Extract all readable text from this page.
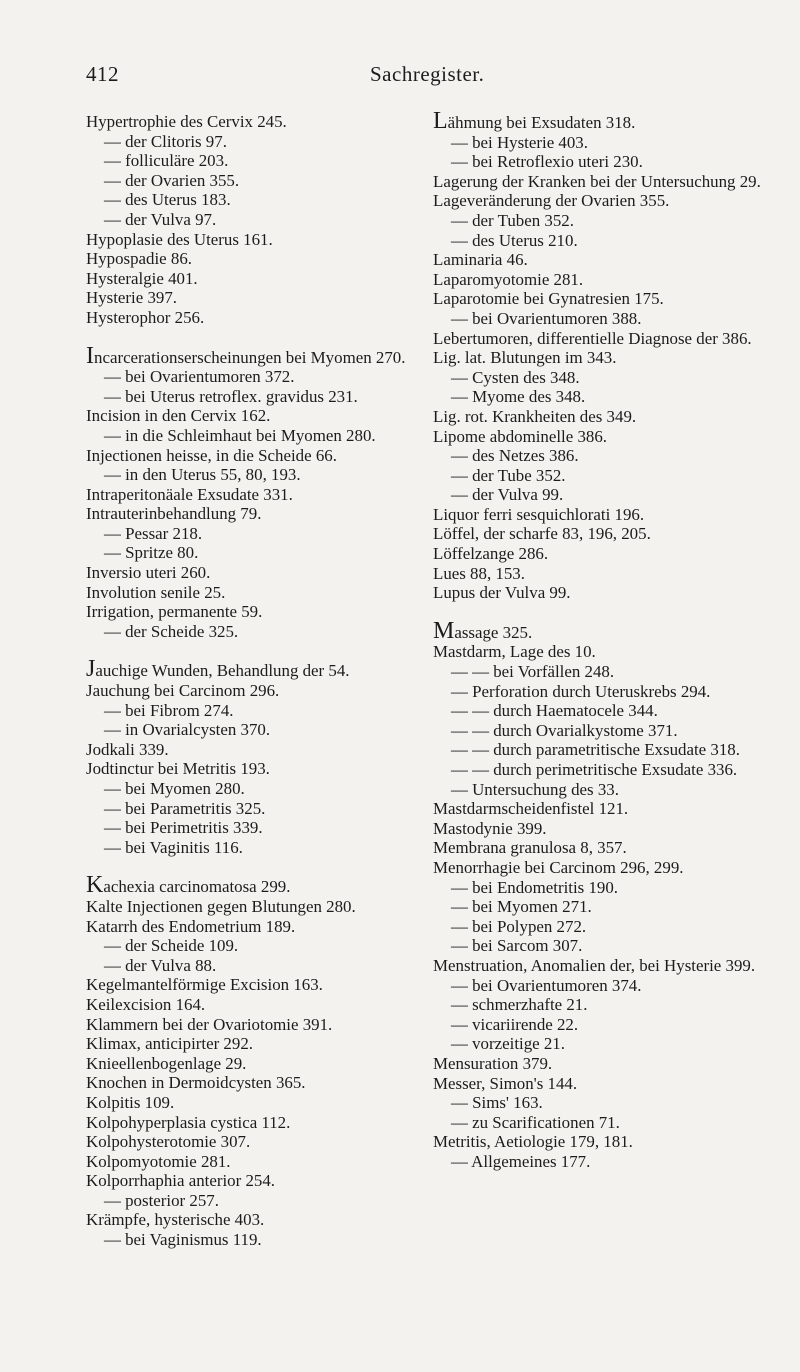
412	Sachregister.

Hypertrophie des Cervix 245.

— der Clitoris 97.

— folliculäre 203.

— der Ovarien 355.

— des Uterus 183.

— der Vulva 97.

Hypoplasie des Uterus 161.

Hypospadie 86.

Hysteralgie 401.

Hysterie 397.

Hysterophor 256.

Incarcerationserscheinungen bei Myomen 270.

— bei Ovarientumoren 372.

— bei Uterus retroflex. gravidus 231.

Incision in den Cervix 162.

— in die Schleimhaut bei Myomen 280.

Injectionen heisse, in die Scheide 66.

— in den Uterus 55, 80, 193.

Intraperitonäale Exsudate 331.

Intrauterinbehandlung 79.

— Pessar 218.

— Spritze 80.

Inversio uteri 260.

Involution senile 25.

Irrigation, permanente 59.

— der Scheide 325.

Jauchige Wunden, Behandlung der 54.

Jauchung bei Carcinom 296.

— bei Fibrom 274.

— in Ovarialcysten 370.

Jodkali 339.

Jodtinctur bei Metritis 193.

— bei Myomen 280.

— bei Parametritis 325.

— bei Perimetritis 339.

— bei Vaginitis 116.

Kachexia carcinomatosa 299.

Kalte Injectionen gegen Blutungen 280.

Katarrh des Endometrium 189.

— der Scheide 109.

— der Vulva 88.

Kegelmantelförmige Excision 163.

Keilexcision 164.

Klammern bei der Ovariotomie 391.

Klimax, anticipirter 292.

Knieellenbogenlage 29.

Knochen in Dermoidcysten 365.

Kolpitis 109.

Kolpohyperplasia cystica 112.

Kolpohysterotomie 307.

Kolpomyotomie 281.

Kolporrhaphia anterior 254.

— posterior 257.

Krämpfe, hysterische 403.

— bei Vaginismus 119.

Lähmung bei Exsudaten 318.

— bei Hysterie 403.

— bei Retroflexio uteri 230.

Lagerung der Kranken bei der Untersuchung 29.

Lageveränderung der Ovarien 355.

— der Tuben 352.

— des Uterus 210.

Laminaria 46.

Laparomyotomie 281.

Laparotomie bei Gynatresien 175.

— bei Ovarientumoren 388.

Lebertumoren, differentielle Diagnose der 386.

Lig. lat. Blutungen im 343.

— Cysten des 348.

— Myome des 348.

Lig. rot. Krankheiten des 349.

Lipome abdominelle 386.

— des Netzes 386.

— der Tube 352.

— der Vulva 99.

Liquor ferri sesquichlorati 196.

Löffel, der scharfe 83, 196, 205.

Löffelzange 286.

Lues 88, 153.

Lupus der Vulva 99.

Massage 325.

Mastdarm, Lage des 10.

— — bei Vorfällen 248.

— Perforation durch Uteruskrebs 294.

— — durch Haematocele 344.

— — durch Ovarialkystome 371.

— — durch parametritische Exsudate 318.

— — durch perimetritische Exsudate 336.

— Untersuchung des 33.

Mastdarmscheidenfistel 121.

Mastodynie 399.

Membrana granulosa 8, 357.

Menorrhagie bei Carcinom 296, 299.

— bei Endometritis 190.

— bei Myomen 271.

— bei Polypen 272.

— bei Sarcom 307.

Menstruation, Anomalien der, bei Hysterie 399.

— bei Ovarientumoren 374.

— schmerzhafte 21.

— vicariirende 22.

— vorzeitige 21.

Mensuration 379.

Messer, Simon's 144.

— Sims' 163.

— zu Scarificationen 71.

Metritis, Aetiologie 179, 181.

— Allgemeines 177.
